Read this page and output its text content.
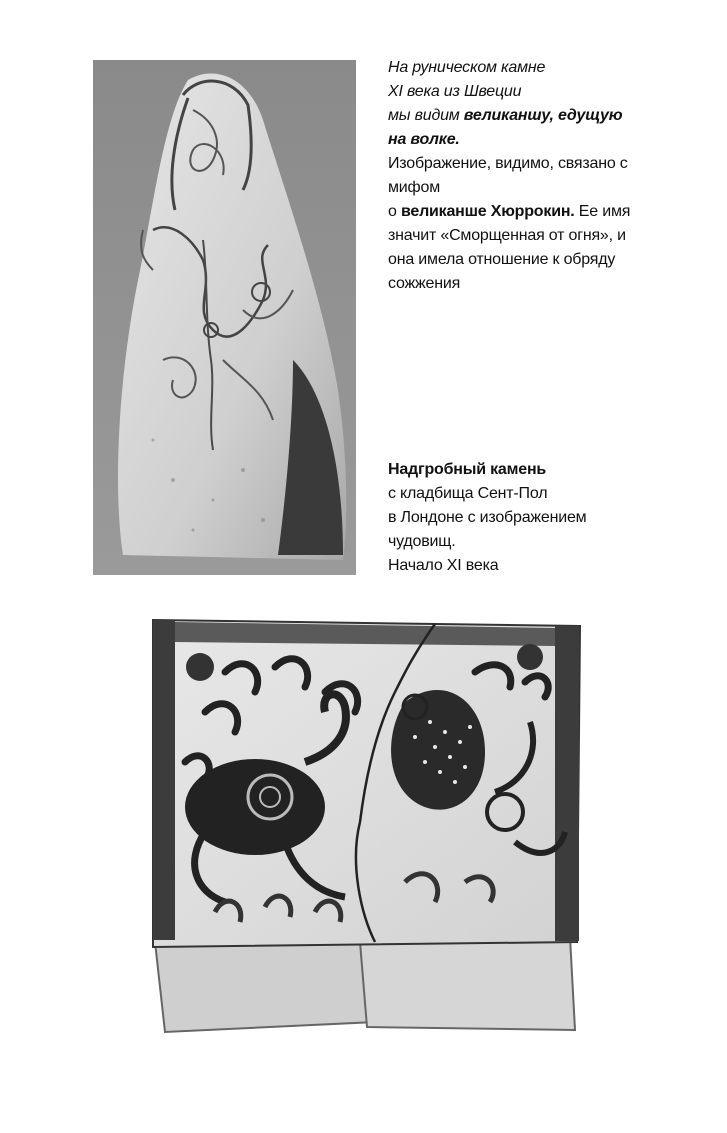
На руническом камне
XI века из Швеции
мы видим великаншу, едущую
на волке.
Изображение, видимо, связано с
мифом
о великанше Хюррокин. Ее имя
значит «Сморщенная от огня», и
она имела отношение к обряду
сожжения
Надгробный камень
с кладбища Сент-Пол
в Лондоне с изображением
чудовищ.
Начало XI века
